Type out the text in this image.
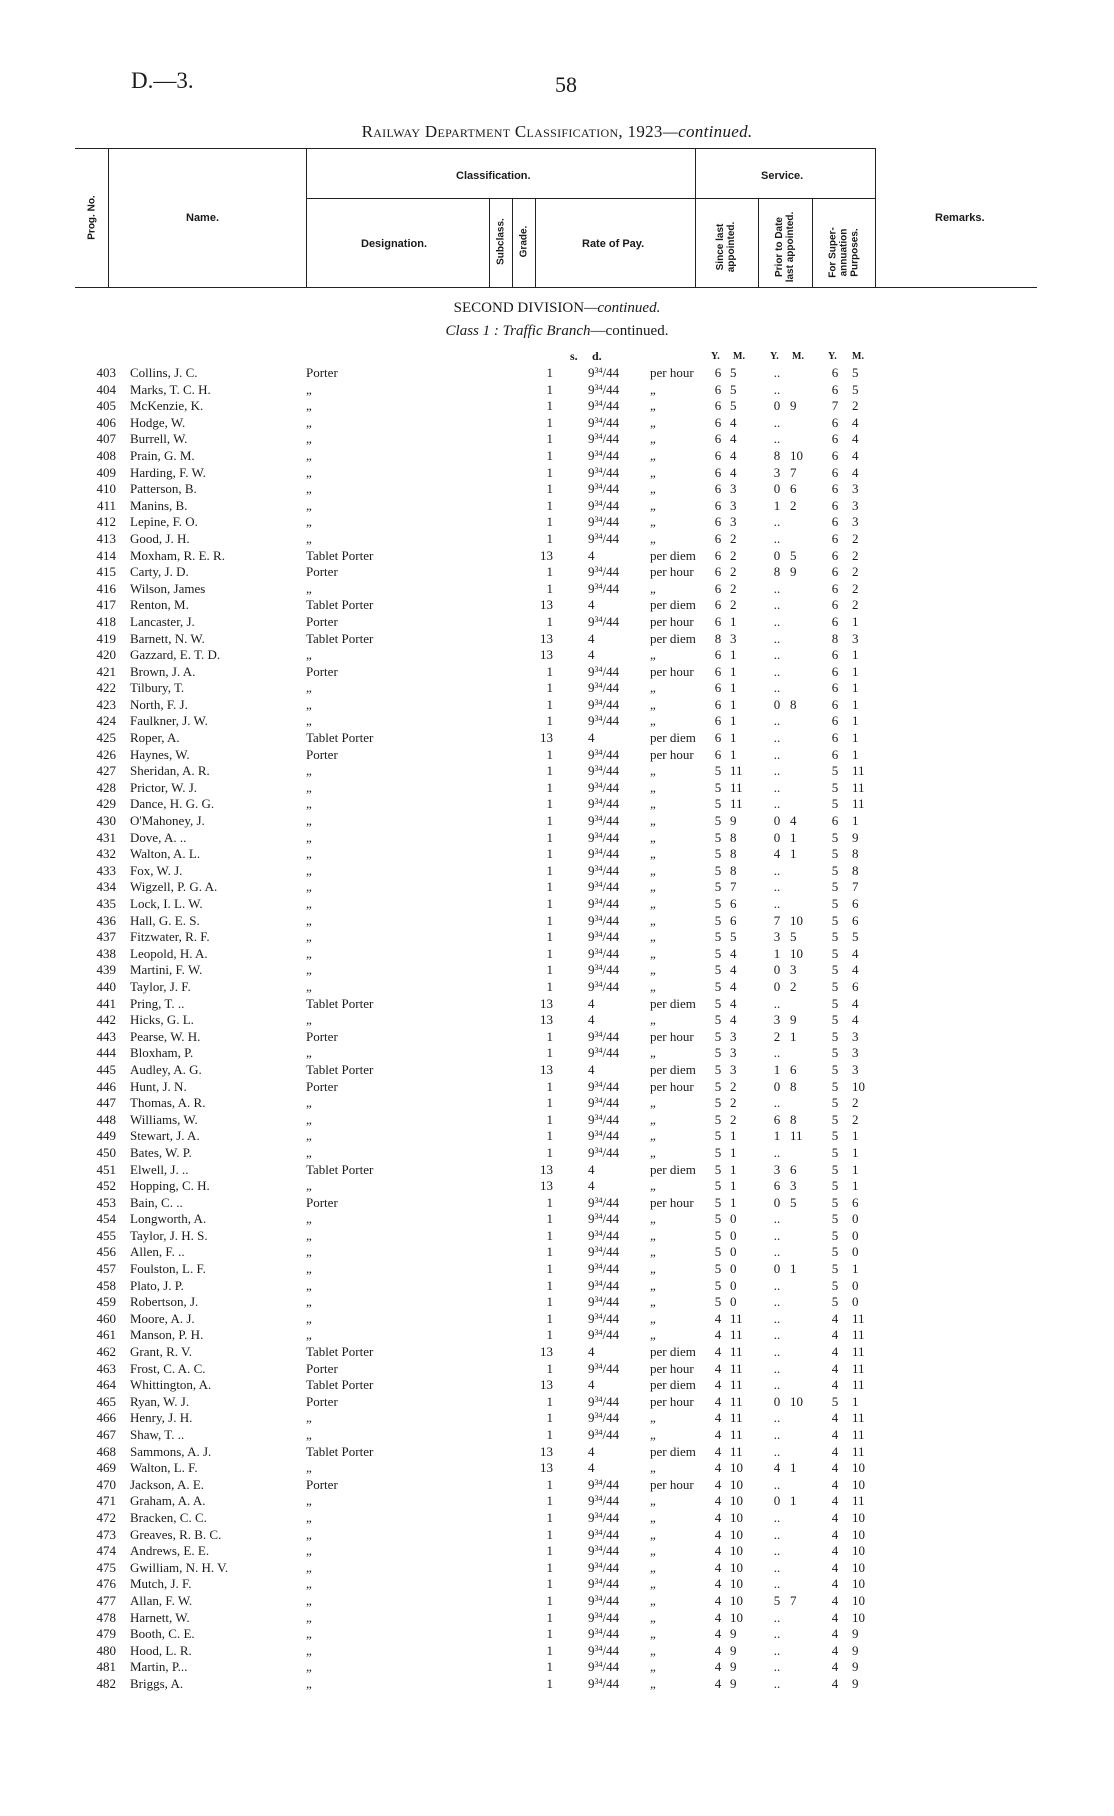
D.—3.	58
Railway Department Classification, 1923—continued.
Prog. No.	Name.
Classification.
Designation.	Subclass. Grade.	Rate of Pay.
Service.
Since last appointed.	Prior to Date last appointed.	For Super-annuation Purposes.
Remarks.
SECOND DIVISION—continued.
Class 1 : Traffic Branch—continued.
s. d.	Y. M.	Y. M. Y. M.
403 Collins, J. C.	Porter	1	$9^{34}/44$ per hour	6 5	..	6	5
404 Marks, T. C. H.	„	1	$9^{34}/44$ „	6 5	..	6	5
405 McKenzie, K.	„	1	$9^{34}/44$ „	6 5	0 9	7	2
406 Hodge, W.	„	1	$9^{34}/44$ „	6 4	..	6	4
407 Burrell, W.	„	1	$9^{34}/44$ „	6 4	..	6	4
408 Prain, G. M.	„	1	$9^{34}/44$ „	6 4	8 10	6	4
409 Harding, F. W.	„	1	$9^{34}/44$ „	6 4	3 7	6	4
410 Patterson, B.	„	1	$9^{34}/44$ „	6 3	0 6	6	3
411 Manins, B.	„	1	$9^{34}/44$ „	6 3	1 2	6	3
412 Lepine, F. O.	„	1	$9^{34}/44$ „	6 3	..	6	3
413 Good, J. H.	„	1	$9^{34}/44$ „	6 2	..	6	2
414 Moxham, R. E. R.	Tablet Porter	13	4	per diem	6 2	0 5	6	2
415 Carty, J. D.	Porter	1	$9^{34}/44$ per hour	6 2	8 9	6	2
416 Wilson, James	„	1	$9^{34}/44$ „	6 2	..	6	2
417 Renton, M.	Tablet Porter	13	4	per diem	6 2	..	6	2
418 Lancaster, J.	Porter	1	$9^{34}/44$ per hour	6 1	..	6	1
419 Barnett, N. W.	Tablet Porter	13	4	per diem	8 3	..	8	3
420 Gazzard, E. T. D.	„	13	4	„	6 1	..	6	1
421 Brown, J. A.	Porter	1	$9^{34}/44$ per hour	6 1	..	6	1
422 Tilbury, T.	„	1	$9^{34}/44$ „	6 1	..	6	1
423 North, F. J.	„	1	$9^{34}/44$ „	6 1	0 8	6	1
424 Faulkner, J. W.	„	1	$9^{34}/44$ „	6 1	..	6	1
425 Roper, A.	Tablet Porter	13	4	per diem	6 1	..	6	1
426 Haynes, W.	Porter	1	$9^{34}/44$ per hour	6 1	..	6	1
427 Sheridan, A. R.	„	1	$9^{34}/44$ „	5 11	..	5	11
428 Prictor, W. J.	„	1	$9^{34}/44$ „	5 11	..	5	11
429 Dance, H. G. G.	„	1	$9^{34}/44$ „	5 11	..	5	11
430 O'Mahoney, J.	„	1	$9^{34}/44$ „	5 9	0 4	6	1
431 Dove, A. ..	„	1	$9^{34}/44$ „	5 8	0 1	5	9
432 Walton, A. L.	„	1	$9^{34}/44$ „	5 8	4 1	5	8
433 Fox, W. J.	„	1	$9^{34}/44$ „	5 8	..	5	8
434 Wigzell, P. G. A.	„	1	$9^{34}/44$ „	5 7	..	5	7
435 Lock, I. L. W.	„	1	$9^{34}/44$ „	5 6	..	5	6
436 Hall, G. E. S.	„	1	$9^{34}/44$ „	5 6	7 10	5	6
437 Fitzwater, R. F.	„	1	$9^{34}/44$ „	5 5	3 5	5	5
438 Leopold, H. A.	„	1	$9^{34}/44$ „	5 4	1 10	5	4
439 Martini, F. W.	„	1	$9^{34}/44$ „	5 4	0 3	5	4
440 Taylor, J. F.	„	1	$9^{34}/44$ „	5 4	0 2	5	6
441 Pring, T. ..	Tablet Porter	13	4	per diem	5 4	..	5	4
442 Hicks, G. L.	„	13	4	„	5 4	3 9	5	4
443 Pearse, W. H.	Porter	1	$9^{34}/44$ per hour	5 3	2 1	5	3
444 Bloxham, P.	„	1	$9^{34}/44$ „	5 3	..	5	3
445 Audley, A. G.	Tablet Porter	13	4	per diem	5 3	1 6	5	3
446 Hunt, J. N.	Porter	1	$9^{34}/44$ per hour	5 2	0 8	5	10
447 Thomas, A. R.	„	1	$9^{34}/44$ „	5 2	..	5	2
448 Williams, W.	„	1	$9^{34}/44$ „	5 2	6 8	5	2
449 Stewart, J. A.	„	1	$9^{34}/44$ „	5 1	1 11	5	1
450 Bates, W. P.	„	1	$9^{34}/44$ „	5 1	..	5	1
451 Elwell, J. ..	Tablet Porter	13	4	per diem	5 1	3 6	5	1
452 Hopping, C. H.	„	13	4	„	5 1	6 3	5	1
453 Bain, C. ..	Porter	1	$9^{34}/44$ per hour	5 1	0 5	5	6
454 Longworth, A.	„	1	$9^{34}/44$ „	5 0	..	5	0
455 Taylor, J. H. S.	„	1	$9^{34}/44$ „	5 0	..	5	0
456 Allen, F. ..	„	1	$9^{34}/44$ „	5 0	..	5	0
457 Foulston, L. F.	„	1	$9^{34}/44$ „	5 0	0 1	5	1
458 Plato, J. P.	„	1	$9^{34}/44$ „	5 0	..	5	0
459 Robertson, J.	„	1	$9^{34}/44$ „	5 0	..	5	0
460 Moore, A. J.	„	1	$9^{34}/44$ „	4 11	..	4	11
461 Manson, P. H.	„	1	$9^{34}/44$ „	4 11	..	4	11
462 Grant, R. V.	Tablet Porter	13	4	per diem	4 11	..	4	11
463 Frost, C. A. C.	Porter	1	$9^{34}/44$ per hour	4 11	..	4	11
464 Whittington, A.	Tablet Porter	13	4	per diem	4 11	..	4	11
465 Ryan, W. J.	Porter	1	$9^{34}/44$ per hour	4 11	0 10	5	1
466 Henry, J. H.	„	1	$9^{34}/44$ „	4 11	..	4	11
467 Shaw, T. ..	„	1	$9^{34}/44$ „	4 11	..	4	11
468 Sammons, A. J.	Tablet Porter	13	4	per diem	4 11	..	4	11
469 Walton, L. F.	„	13	4	„	4 10	4 1	4	10
470 Jackson, A. E.	Porter	1	$9^{34}/44$ per hour	4 10	..	4	10
471 Graham, A. A.	„	1	$9^{34}/44$ „	4 10	0 1	4	11
472 Bracken, C. C.	„	1	$9^{34}/44$ „	4 10	..	4	10
473 Greaves, R. B. C.	„	1	$9^{34}/44$ „	4 10	..	4	10
474 Andrews, E. E.	„	1	$9^{34}/44$ „	4 10	..	4	10
475 Gwilliam, N. H. V.	„	1	$9^{34}/44$ „	4 10	..	4	10
476 Mutch, J. F.	„	1	$9^{34}/44$ „	4 10	..	4	10
477 Allan, F. W.	„	1	$9^{34}/44$ „	4 10	5 7	4	10
478 Harnett, W.	„	1	$9^{34}/44$ „	4 10	..	4	10
479 Booth, C. E.	„	1	$9^{34}/44$ „	4 9	..	4	9
480 Hood, L. R.	„	1	$9^{34}/44$ „	4 9	..	4	9
481 Martin, P...	„	1	$9^{34}/44$ „	4 9	..	4	9
482 Briggs, A.	„	1	$9^{34}/44$ „	4 9	..	4	9
